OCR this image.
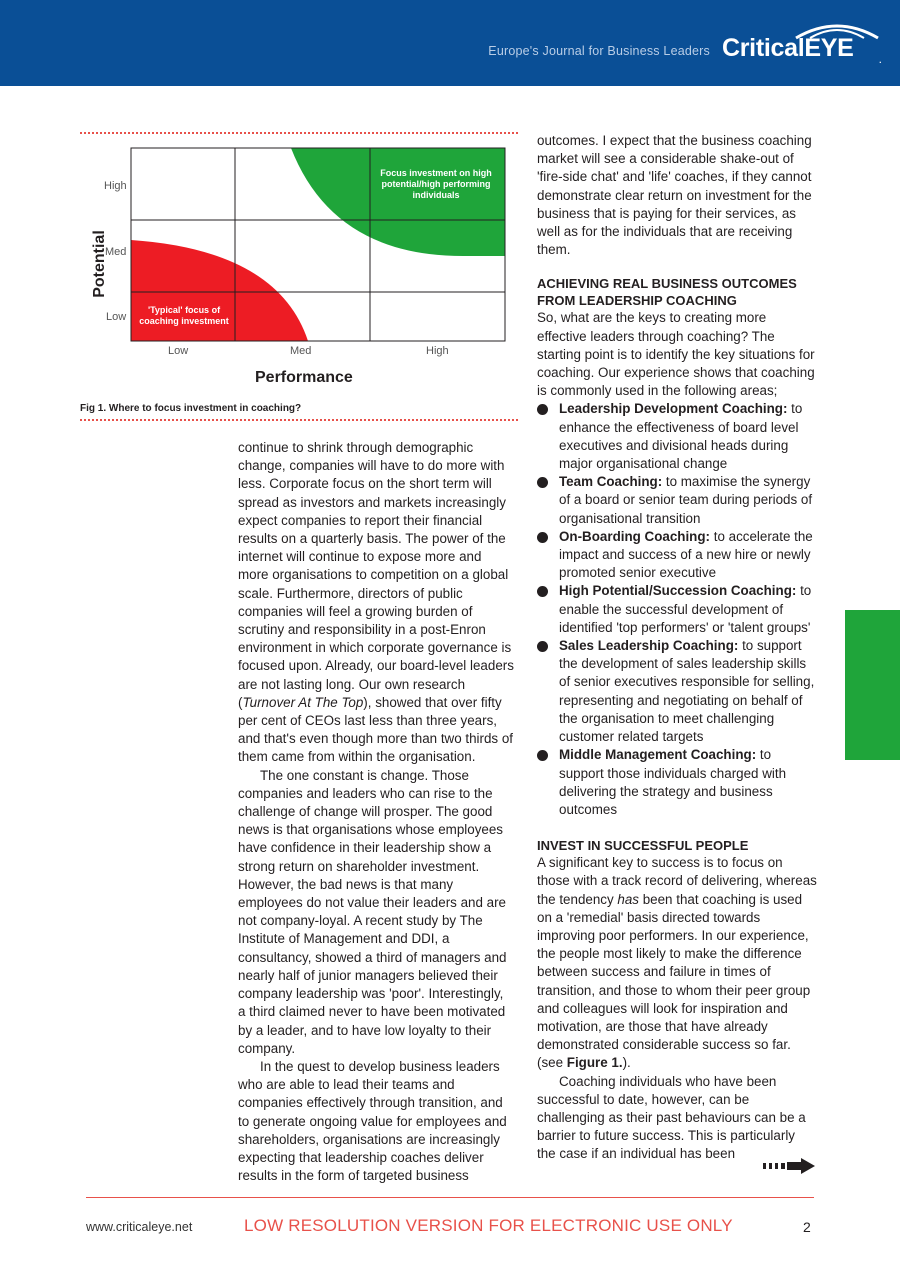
Europe's Journal for Business Leaders CriticalEYE .
High
Med
Low
Low	Med	High
Potential
Performance
Focus investment on high potential/high performing individuals
'Typical' focus of coaching investment
Fig 1. Where to focus investment in coaching?

continue to shrink through demographic change, companies will have to do more with less. Corporate focus on the short term will spread as investors and markets increasingly expect companies to report their financial results on a quarterly basis. The power of the internet will continue to expose more and more organisations to competition on a global scale. Furthermore, directors of public companies will feel a growing burden of scrutiny and responsibility in a post-Enron environment in which corporate governance is focused upon. Already, our board-level leaders are not lasting long. Our own research (Turnover At The Top), showed that over fifty per cent of CEOs last less than three years, and that's even though more than two thirds of them came from within the organisation.

The one constant is change. Those companies and leaders who can rise to the challenge of change will prosper. The good news is that organisations whose employees have confidence in their leadership show a strong return on shareholder investment. However, the bad news is that many employees do not value their leaders and are not company-loyal. A recent study by The Institute of Management and DDI, a consultancy, showed a third of managers and nearly half of junior managers believed their company leadership was 'poor'. Interestingly, a third claimed never to have been motivated by a leader, and to have low loyalty to their company.

In the quest to develop business leaders who are able to lead their teams and companies effectively through transition, and to generate ongoing value for employees and shareholders, organisations are increasingly expecting that leadership coaches deliver results in the form of targeted business

outcomes. I expect that the business coaching market will see a considerable shake-out of 'fire-side chat' and 'life' coaches, if they cannot demonstrate clear return on investment for the business that is paying for their services, as well as for the individuals that are receiving them.

ACHIEVING REAL BUSINESS OUTCOMES FROM LEADERSHIP COACHING

So, what are the keys to creating more effective leaders through coaching? The starting point is to identify the key situations for coaching. Our experience shows that coaching is commonly used in the following areas;

Leadership Development Coaching: to enhance the effectiveness of board level executives and divisional heads during major organisational change
Team Coaching: to maximise the synergy of a board or senior team during periods of organisational transition
On-Boarding Coaching: to accelerate the impact and success of a new hire or newly promoted senior executive
High Potential/Succession Coaching: to enable the successful development of identified 'top performers' or 'talent groups'
Sales Leadership Coaching: to support the development of sales leadership skills of senior executives responsible for selling, representing and negotiating on behalf of the organisation to meet challenging customer related targets
Middle Management Coaching: to support those individuals charged with delivering the strategy and business outcomes
INVEST IN SUCCESSFUL PEOPLE

A significant key to success is to focus on those with a track record of delivering, whereas the tendency has been that coaching is used on a 'remedial' basis directed towards improving poor performers. In our experience, the people most likely to make the difference between success and failure in times of transition, and those to whom their peer group and colleagues will look for inspiration and motivation, are those that have already demonstrated considerable success so far. (see Figure 1.).

Coaching individuals who have been successful to date, however, can be challenging as their past behaviours can be a barrier to future success. This is particularly the case if an individual has been

www.criticaleye.net	LOW RESOLUTION VERSION FOR ELECTRONIC USE ONLY	2
